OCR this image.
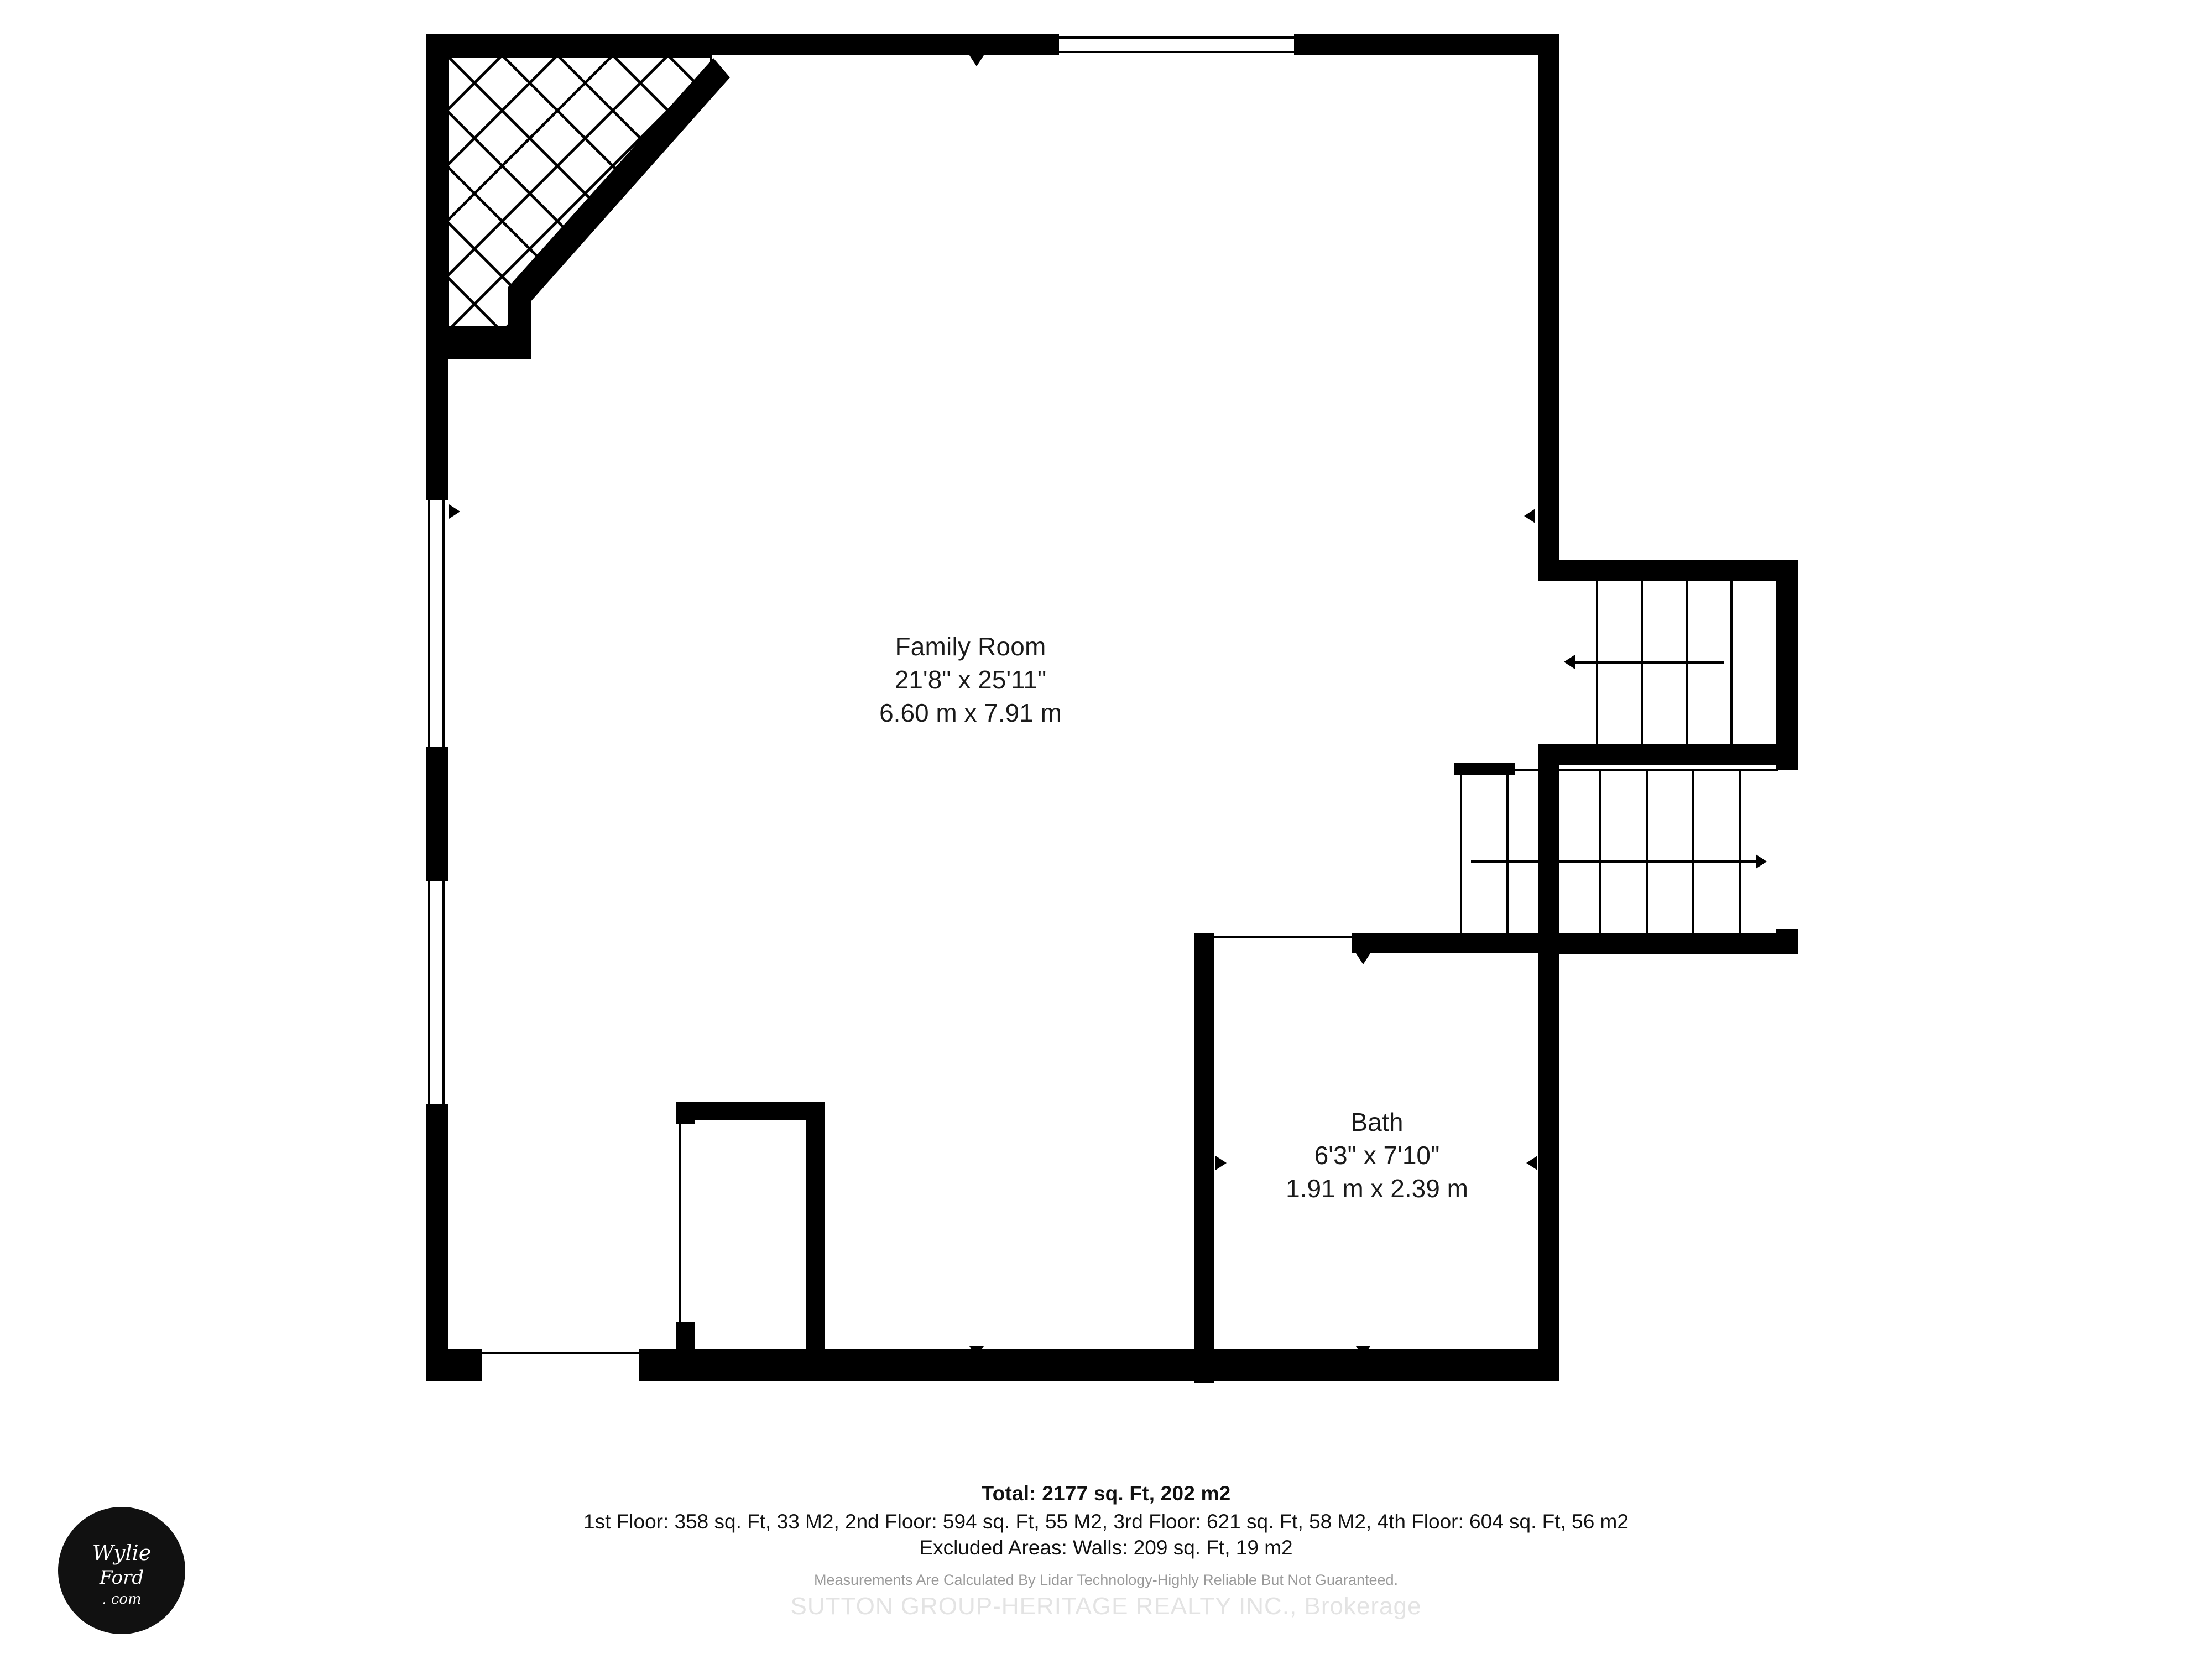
Family Room
21'8" x 25'11"
6.60 m x 7.91 m
Bath
6'3" x 7'10"
1.91 m x 2.39 m
Total: 2177 sq. Ft, 202 m2
1st Floor: 358 sq. Ft, 33 M2, 2nd Floor: 594 sq. Ft, 55 M2, 3rd Floor: 621 sq. Ft, 58 M2, 4th Floor: 604 sq. Ft, 56 m2
Excluded Areas: Walls: 209 sq. Ft, 19 m2
Measurements Are Calculated By Lidar Technology-Highly Reliable But Not Guaranteed.
SUTTON GROUP-HERITAGE REALTY INC., Brokerage
Wylie
Ford
. com
